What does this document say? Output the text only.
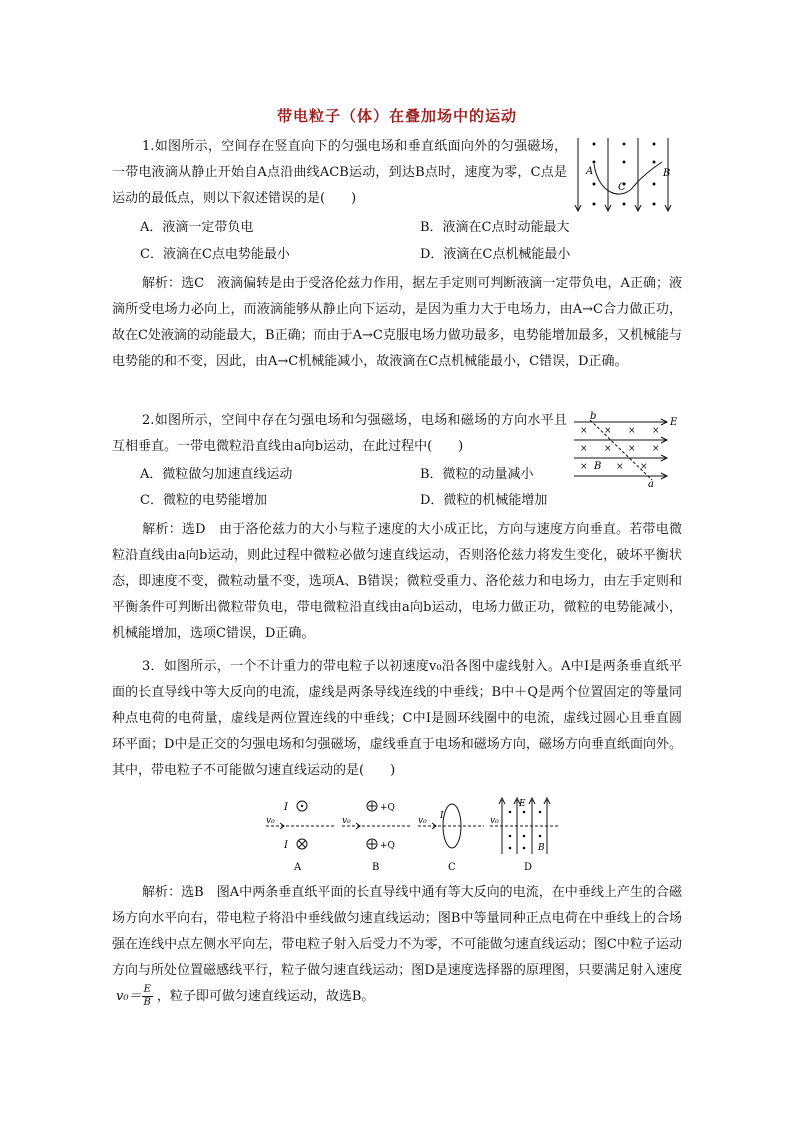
带电粒子（体）在叠加场中的运动
1.如图所示，空间存在竖直向下的匀强电场和垂直纸面向外的匀强磁场，一带电液滴从静止开始自A点沿曲线ACB运动，到达B点时，速度为零，C点是运动的最低点，则以下叙述错误的是(　　)
A	B
C
A．液滴一定带负电	B．液滴在C点时动能最大
C．液滴在C点电势能最小	D．液滴在C点机械能最小
解析：选C　液滴偏转是由于受洛伦兹力作用，据左手定则可判断液滴一定带负电，A正确；液滴所受电场力必向上，而液滴能够从静止向下运动，是因为重力大于电场力，由A→C合力做正功，故在C处液滴的动能最大，B正确；而由于A→C克服电场力做功最多，电势能增加最多，又机械能与电势能的和不变，因此，由A→C机械能减小，故液滴在C点机械能最小，C错误，D正确。
2.如图所示，空间中存在匀强电场和匀强磁场，电场和磁场的方向水平且互相垂直。一带电微粒沿直线由a向b运动，在此过程中(　　)
× × × ×
× × × ×
×	× ×
b
E
B
a
A．微粒做匀加速直线运动	B．微粒的动量减小
C．微粒的电势能增加	D．微粒的机械能增加
解析：选D　由于洛伦兹力的大小与粒子速度的大小成正比，方向与速度方向垂直。若带电微粒沿直线由a向b运动，则此过程中微粒必做匀速直线运动，否则洛伦兹力将发生变化，破坏平衡状态，即速度不变，微粒动量不变，选项A、B错误；微粒受重力、洛伦兹力和电场力，由左手定则和平衡条件可判断出微粒带负电，带电微粒沿直线由a向b运动，电场力做正功，微粒的电势能减小，机械能增加，选项C错误，D正确。
3．如图所示，一个不计重力的带电粒子以初速度v₀沿各图中虚线射入。A中I是两条垂直纸平面的长直导线中等大反向的电流，虚线是两条导线连线的中垂线；B中＋Q是两个位置固定的等量同种点电荷的电荷量，虚线是两位置连线的中垂线；C中I是圆环线圈中的电流，虚线过圆心且垂直圆环平面；D中是正交的匀强电场和匀强磁场，虚线垂直于电场和磁场方向，磁场方向垂直纸面向外。其中，带电粒子不可能做匀速直线运动的是(　　)
v₀
I
I
A
v₀
+Q
+Q
B
v₀ I
C
v₀
E
B
D
解析：选B　图A中两条垂直纸平面的长直导线中通有等大反向的电流，在中垂线上产生的合磁场方向水平向右，带电粒子将沿中垂线做匀速直线运动；图B中等量同种正点电荷在中垂线上的合场强在连线中点左侧水平向左，带电粒子射入后受力不为零，不可能做匀速直线运动；图C中粒子运动方向与所处位置磁感线平行，粒子做匀速直线运动；图D是速度选择器的原理图，只要满足射入速度$v_0= \frac{E}{B}$ ，粒子即可做匀速直线运动，故选B。
